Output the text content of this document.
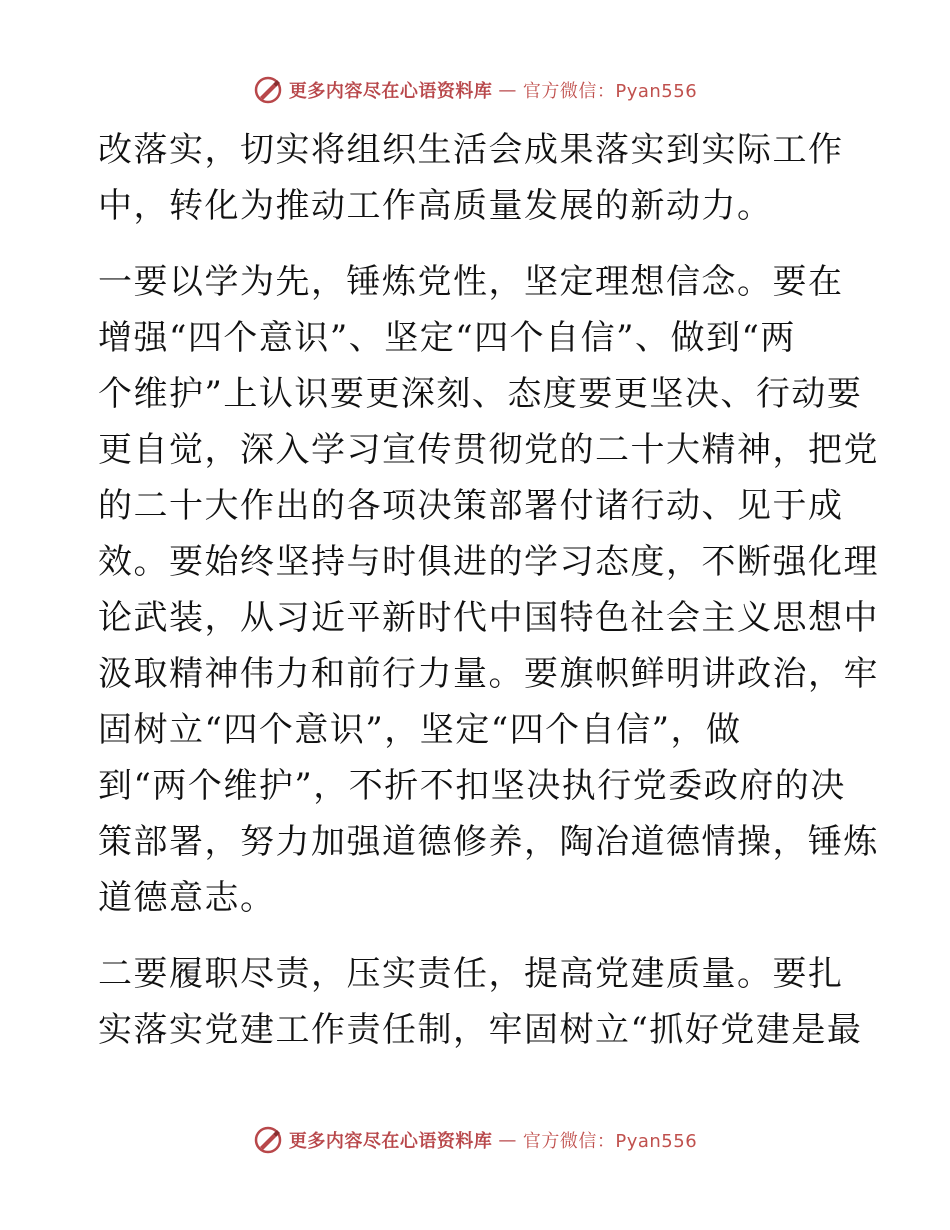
更多内容尽在心语资料库 — 官方微信：Pyan556
改落实，切实将组织生活会成果落实到实际工作
中，转化为推动工作高质量发展的新动力。
一要以学为先，锤炼党性，坚定理想信念。要在
增强“四个意识”、坚定“四个自信”、做到“两
个维护”上认识要更深刻、态度要更坚决、行动要
更自觉，深入学习宣传贯彻党的二十大精神，把党
的二十大作出的各项决策部署付诸行动、见于成
效。要始终坚持与时俱进的学习态度，不断强化理
论武装，从习近平新时代中国特色社会主义思想中
汲取精神伟力和前行力量。要旗帜鲜明讲政治，牢
固树立“四个意识”，坚定“四个自信”，做
到“两个维护”，不折不扣坚决执行党委政府的决
策部署，努力加强道德修养，陶冶道德情操，锤炼
道德意志。
二要履职尽责，压实责任，提高党建质量。要扎
实落实党建工作责任制，牢固树立“抓好党建是最
更多内容尽在心语资料库 — 官方微信：Pyan556
